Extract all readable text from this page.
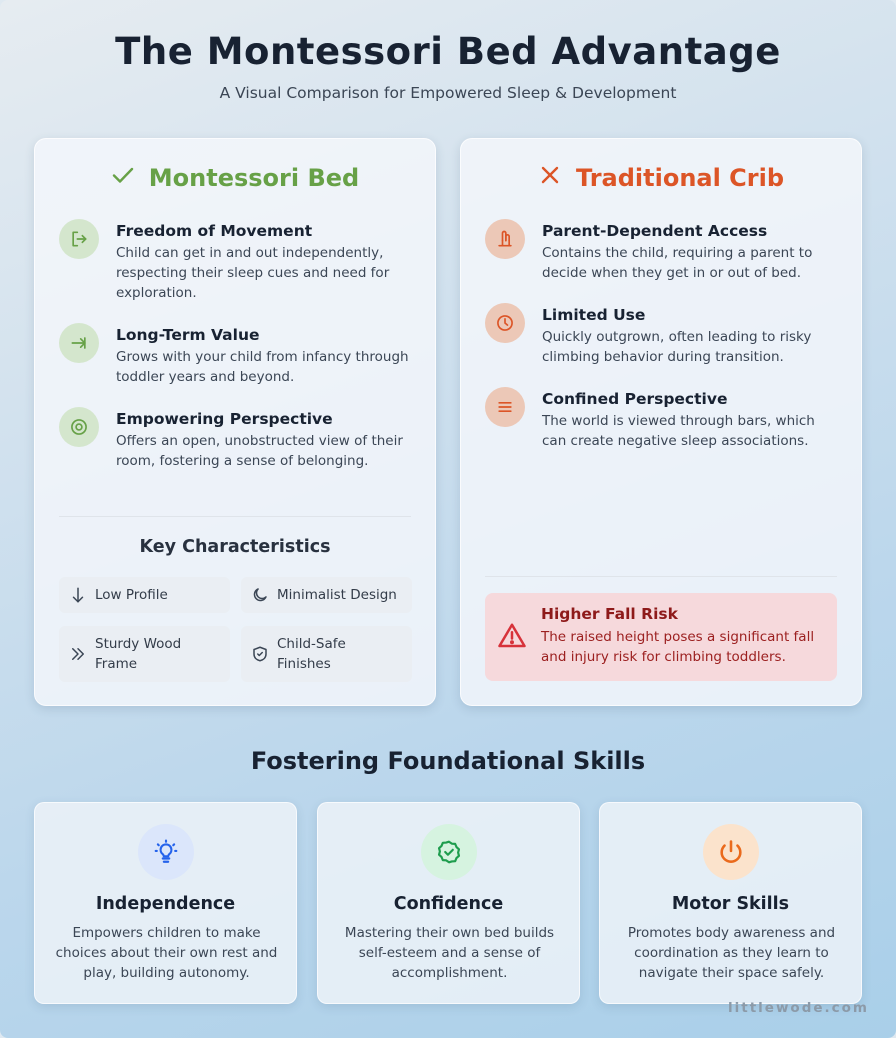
The Montessori Bed Advantage
A Visual Comparison for Empowered Sleep & Development
Montessori Bed
Freedom of Movement
Child can get in and out independently, respecting their sleep cues and need for exploration.
Long-Term Value
Grows with your child from infancy through toddler years and beyond.
Empowering Perspective
Offers an open, unobstructed view of their room, fostering a sense of belonging.
Key Characteristics
Low Profile	Minimalist Design
Sturdy Wood Frame
Child-Safe Finishes
Traditional Crib
Parent-Dependent Access
Contains the child, requiring a parent to decide when they get in or out of bed.
Limited Use
Quickly outgrown, often leading to risky climbing behavior during transition.
Confined Perspective
The world is viewed through bars, which can create negative sleep associations.
Higher Fall Risk
The raised height poses a significant fall and injury risk for climbing toddlers.
Fostering Foundational Skills
Independence
Empowers children to make choices about their own rest and play, building autonomy.
Confidence
Mastering their own bed builds self-esteem and a sense of accomplishment.
Motor Skills
Promotes body awareness and coordination as they learn to navigate their space safely.
littlewode.com
